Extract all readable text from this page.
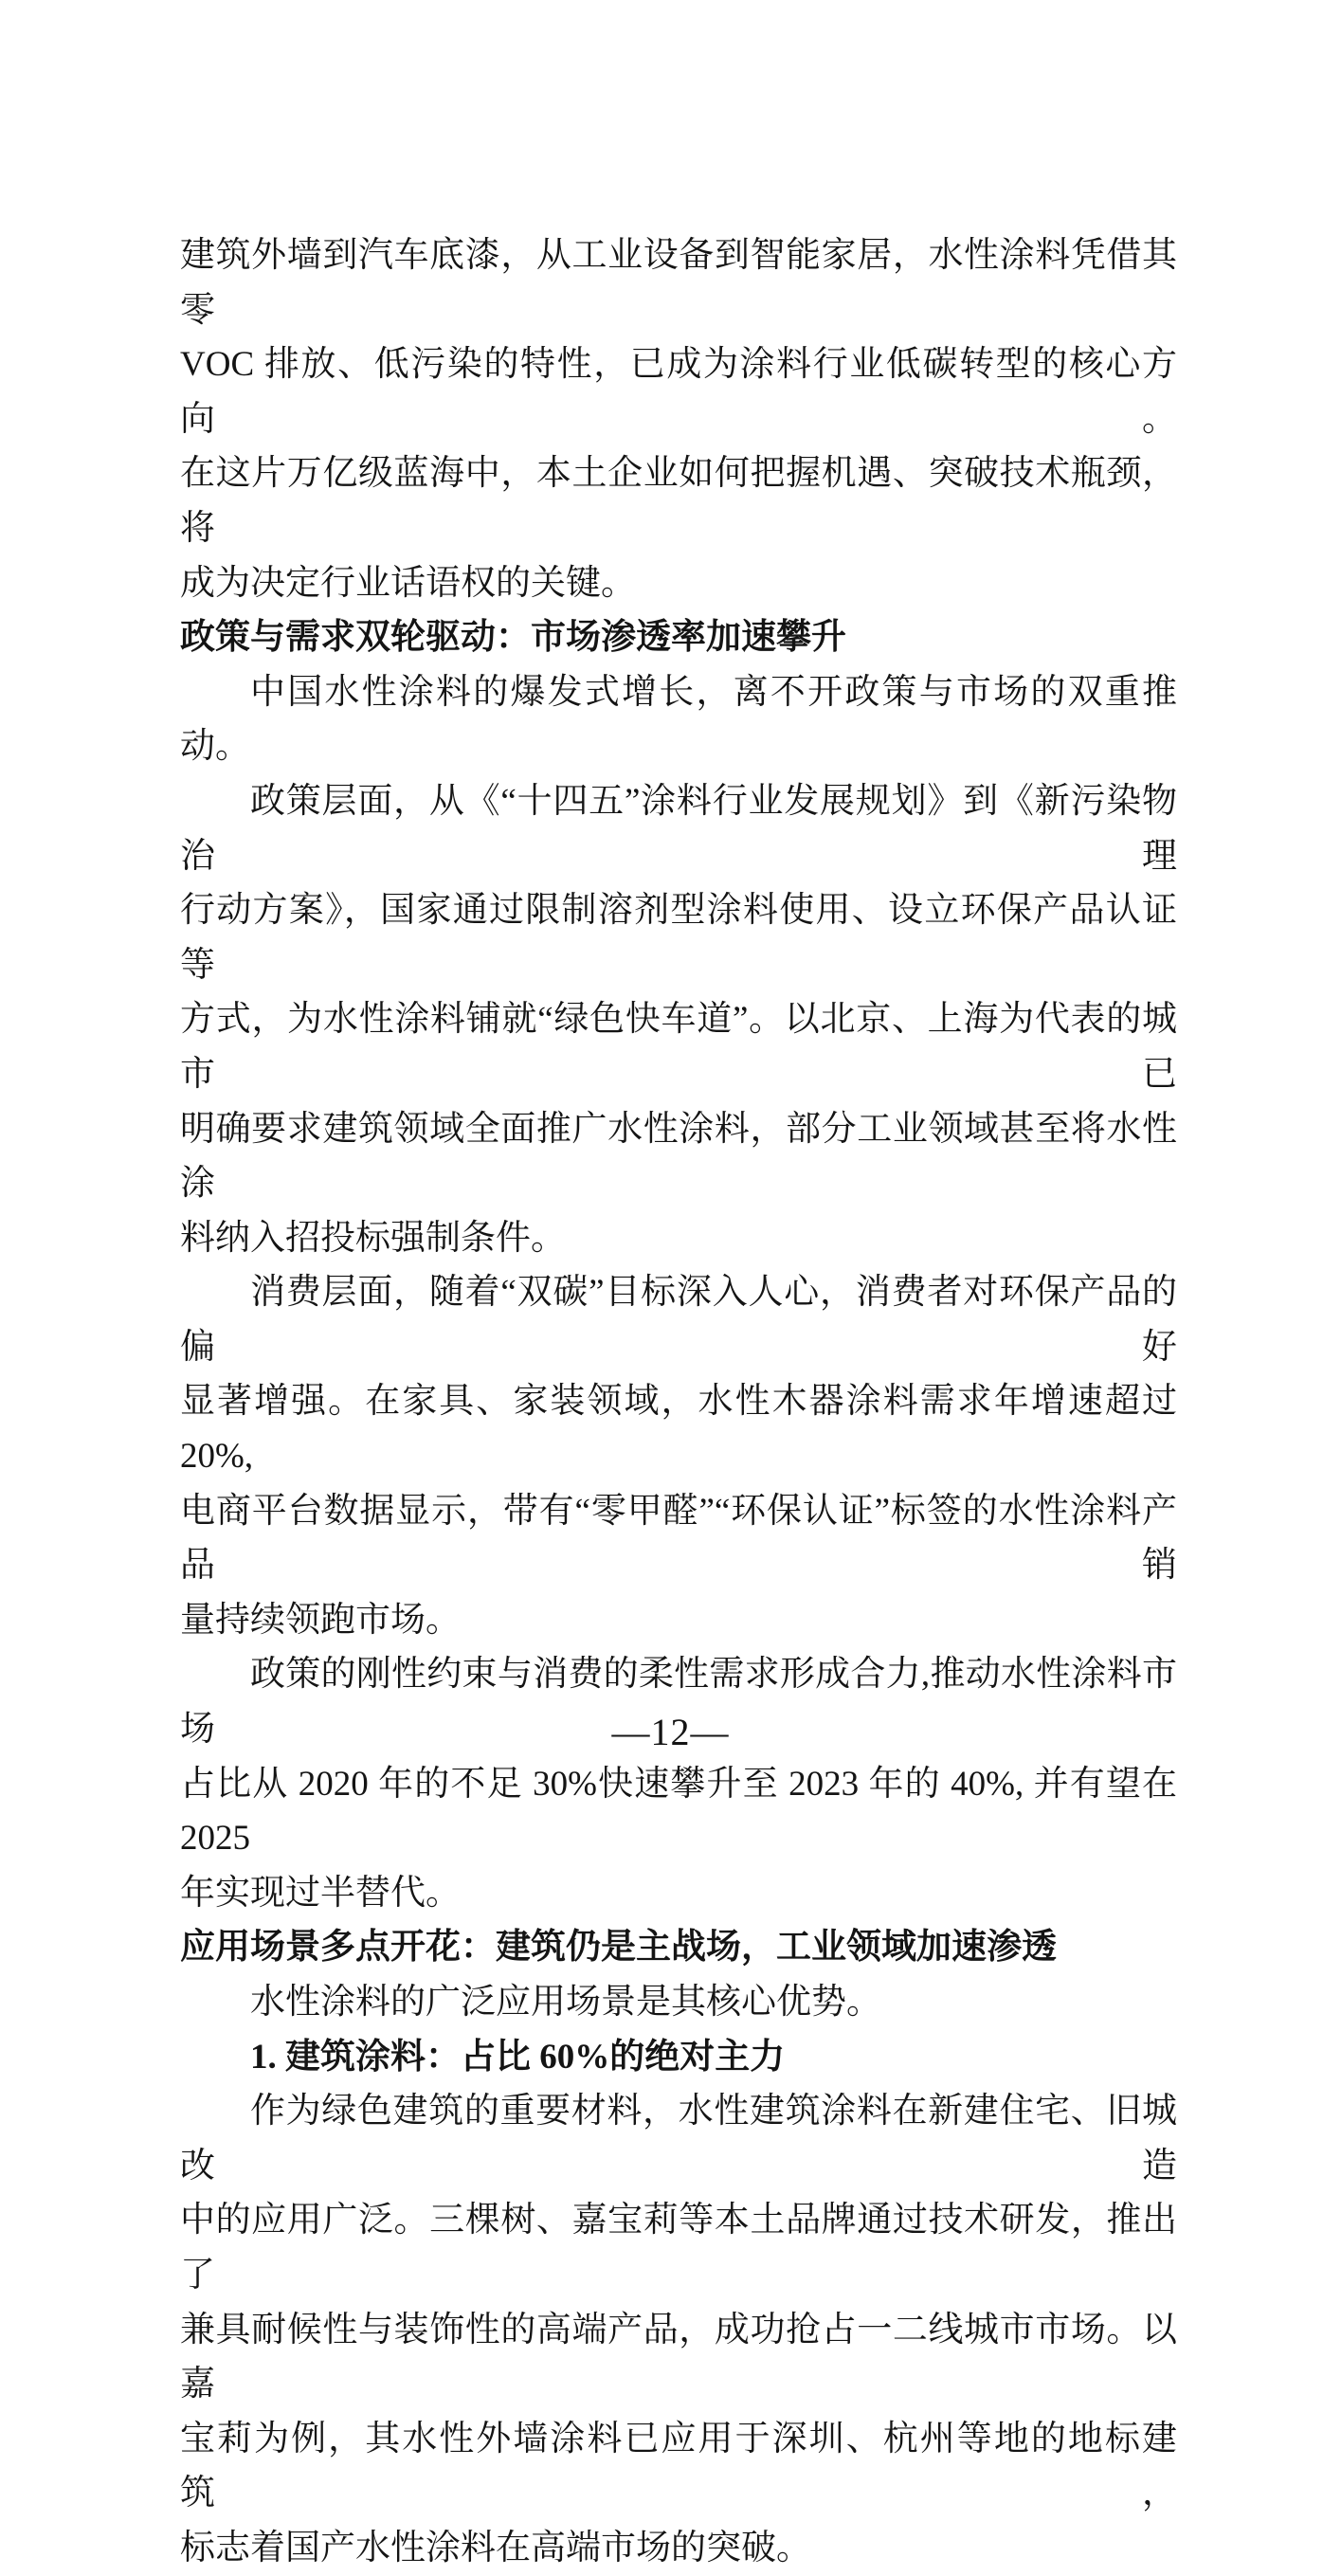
建筑外墙到汽车底漆，从工业设备到智能家居，水性涂料凭借其零
VOC 排放、低污染的特性，已成为涂料行业低碳转型的核心方向。
在这片万亿级蓝海中，本土企业如何把握机遇、突破技术瓶颈，将
成为决定行业话语权的关键。
政策与需求双轮驱动：市场渗透率加速攀升
中国水性涂料的爆发式增长，离不开政策与市场的双重推动。
政策层面，从《“十四五”涂料行业发展规划》到《新污染物治理
行动方案》，国家通过限制溶剂型涂料使用、设立环保产品认证等
方式，为水性涂料铺就“绿色快车道”。以北京、上海为代表的城市已
明确要求建筑领域全面推广水性涂料，部分工业领域甚至将水性涂
料纳入招投标强制条件。
消费层面，随着“双碳”目标深入人心，消费者对环保产品的偏好
显著增强。在家具、家装领域，水性木器涂料需求年增速超过 20%,
电商平台数据显示，带有“零甲醛”“环保认证”标签的水性涂料产品销
量持续领跑市场。
政策的刚性约束与消费的柔性需求形成合力,推动水性涂料市场
占比从 2020 年的不足 30%快速攀升至 2023 年的 40%, 并有望在 2025
年实现过半替代。
应用场景多点开花：建筑仍是主战场，工业领域加速渗透
水性涂料的广泛应用场景是其核心优势。
1. 建筑涂料：占比 60%的绝对主力
作为绿色建筑的重要材料，水性建筑涂料在新建住宅、旧城改造
中的应用广泛。三棵树、嘉宝莉等本土品牌通过技术研发，推出了
兼具耐候性与装饰性的高端产品，成功抢占一二线城市市场。以嘉
宝莉为例，其水性外墙涂料已应用于深圳、杭州等地的地标建筑，
标志着国产水性涂料在高端市场的突破。
—12—
